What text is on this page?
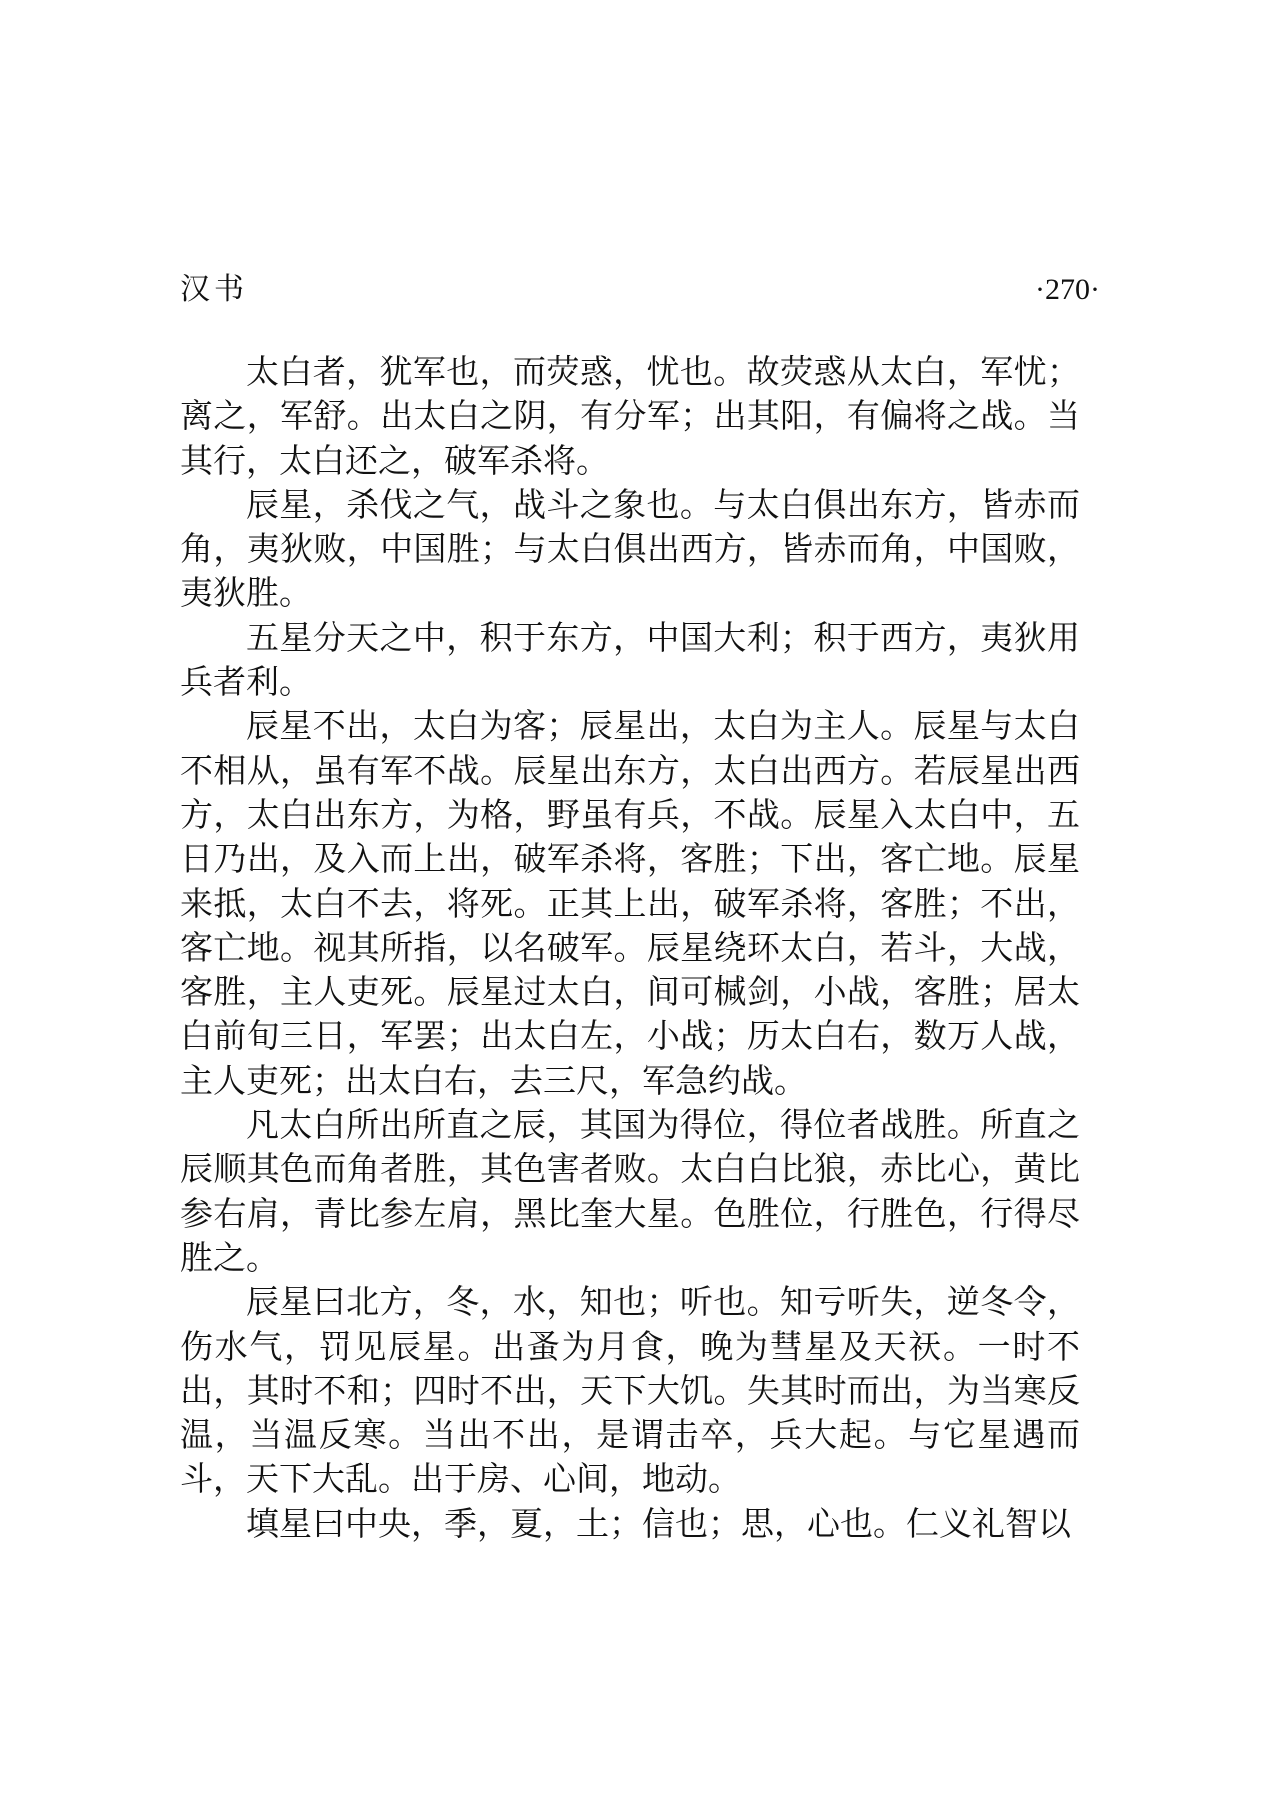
汉书	·270·

太白者，犹军也，而荧惑，忧也。故荧惑从太白，军忧；离之，军舒。出太白之阴，有分军；出其阳，有偏将之战。当其行，太白还之，破军杀将。

辰星，杀伐之气，战斗之象也。与太白俱出东方，皆赤而角，夷狄败，中国胜；与太白俱出西方，皆赤而角，中国败，夷狄胜。

五星分天之中，积于东方，中国大利；积于西方，夷狄用兵者利。

辰星不出，太白为客；辰星出，太白为主人。辰星与太白不相从，虽有军不战。辰星出东方，太白出西方。若辰星出西方，太白出东方，为格，野虽有兵，不战。辰星入太白中，五日乃出，及入而上出，破军杀将，客胜；下出，客亡地。辰星来抵，太白不去，将死。正其上出，破军杀将，客胜；不出，客亡地。视其所指，以名破军。辰星绕环太白，若斗，大战，客胜，主人吏死。辰星过太白，间可椷剑，小战，客胜；居太白前旬三日，军罢；出太白左，小战；历太白右，数万人战，主人吏死；出太白右，去三尺，军急约战。

凡太白所出所直之辰，其国为得位，得位者战胜。所直之辰顺其色而角者胜，其色害者败。太白白比狼，赤比心，黄比参右肩，青比参左肩，黑比奎大星。色胜位，行胜色，行得尽胜之。

辰星曰北方，冬，水，知也；听也。知亏听失，逆冬令，伤水气，罚见辰星。出蚤为月食，晚为彗星及天祆。一时不出，其时不和；四时不出，天下大饥。失其时而出，为当寒反温，当温反寒。当出不出，是谓击卒，兵大起。与它星遇而斗，天下大乱。出于房、心间，地动。

填星曰中央，季，夏，土；信也；思，心也。仁义礼智以
